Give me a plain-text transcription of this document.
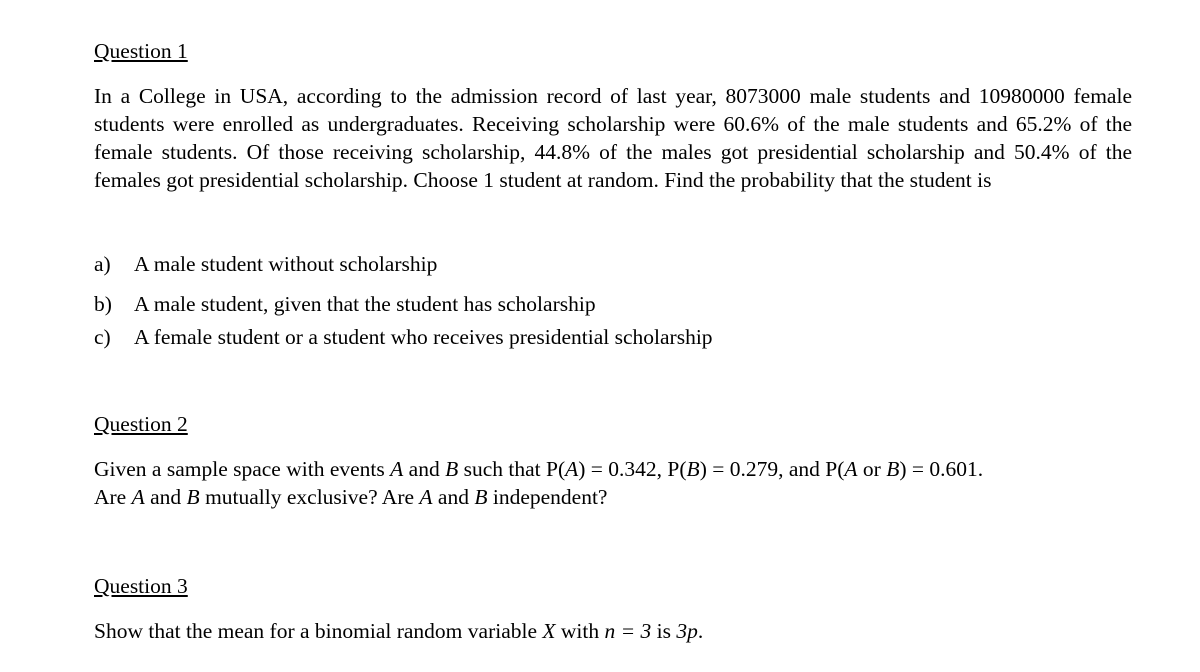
Question 1
In a College in USA, according to the admission record of last year, 8073000 male students and 10980000 female students were enrolled as undergraduates. Receiving scholarship were 60.6% of the male students and 65.2% of the female students. Of those receiving scholarship, 44.8% of the males got presidential scholarship and 50.4% of the females got presidential scholarship. Choose 1 student at random. Find the probability that the student is
a) A male student without scholarship
b) A male student, given that the student has scholarship
c) A female student or a student who receives presidential scholarship
Question 2
Given a sample space with events A and B such that P(A) = 0.342, P(B) = 0.279, and P(A or B) = 0.601.
Are A and B mutually exclusive? Are A and B independent?
Question 3
Show that the mean for a binomial random variable X with n = 3 is 3p.
